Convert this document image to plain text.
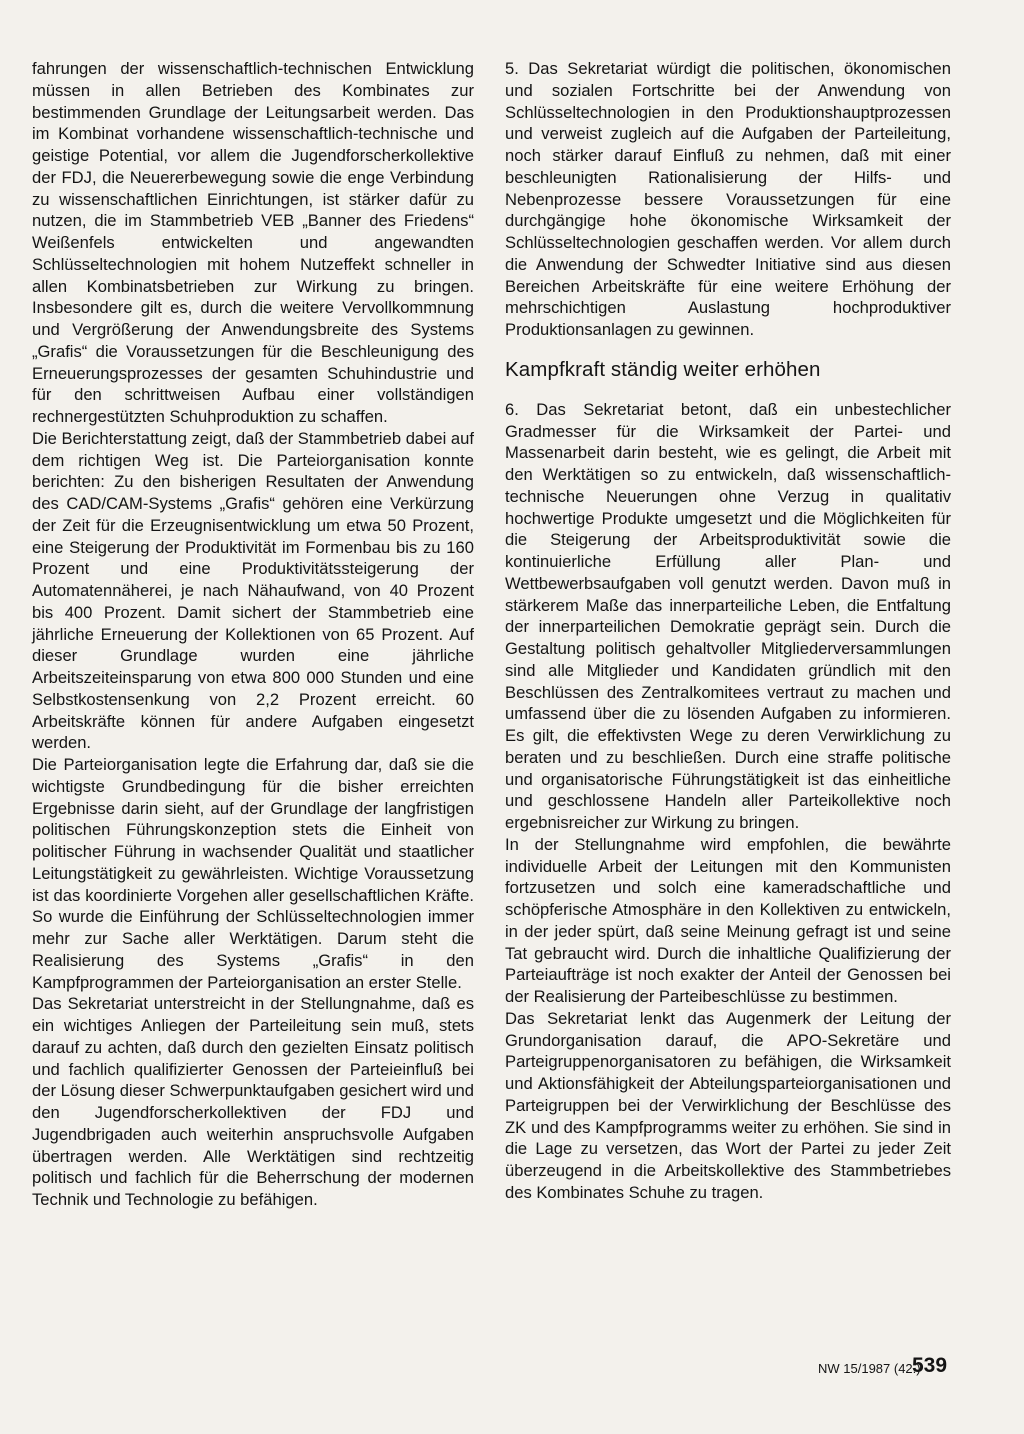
fahrungen der wissenschaftlich-technischen Entwicklung müssen in allen Betrieben des Kombinates zur bestimmenden Grundlage der Leitungsarbeit werden. Das im Kombinat vorhandene wissenschaftlich-technische und geistige Potential, vor allem die Jugendforscherkollektive der FDJ, die Neuererbewegung sowie die enge Verbindung zu wissenschaftlichen Einrichtungen, ist stärker dafür zu nutzen, die im Stammbetrieb VEB „Banner des Friedens“ Weißenfels entwickelten und angewandten Schlüsseltechnologien mit hohem Nutzeffekt schneller in allen Kombinatsbetrieben zur Wirkung zu bringen. Insbesondere gilt es, durch die weitere Vervollkommnung und Vergrößerung der Anwendungsbreite des Systems „Grafis“ die Voraussetzungen für die Beschleunigung des Erneuerungsprozesses der gesamten Schuhindustrie und für den schrittweisen Aufbau einer vollständigen rechnergestützten Schuhproduktion zu schaffen.

Die Berichterstattung zeigt, daß der Stammbetrieb dabei auf dem richtigen Weg ist. Die Parteiorganisation konnte berichten: Zu den bisherigen Resultaten der Anwendung des CAD/CAM-Systems „Grafis“ gehören eine Verkürzung der Zeit für die Erzeugnisentwicklung um etwa 50 Prozent, eine Steigerung der Produktivität im Formenbau bis zu 160 Prozent und eine Produktivitätssteigerung der Automatennäherei, je nach Nähaufwand, von 40 Prozent bis 400 Prozent. Damit sichert der Stammbetrieb eine jährliche Erneuerung der Kollektionen von 65 Prozent. Auf dieser Grundlage wurden eine jährliche Arbeitszeiteinsparung von etwa 800 000 Stunden und eine Selbstkostensenkung von 2,2 Prozent erreicht. 60 Arbeitskräfte können für andere Aufgaben eingesetzt werden.

Die Parteiorganisation legte die Erfahrung dar, daß sie die wichtigste Grundbedingung für die bisher erreichten Ergebnisse darin sieht, auf der Grundlage der langfristigen politischen Führungskonzeption stets die Einheit von politischer Führung in wachsender Qualität und staatlicher Leitungstätigkeit zu gewährleisten. Wichtige Voraussetzung ist das koordinierte Vorgehen aller gesellschaftlichen Kräfte. So wurde die Einführung der Schlüsseltechnologien immer mehr zur Sache aller Werktätigen. Darum steht die Realisierung des Systems „Grafis“ in den Kampfprogrammen der Parteiorganisation an erster Stelle.

Das Sekretariat unterstreicht in der Stellungnahme, daß es ein wichtiges Anliegen der Parteileitung sein muß, stets darauf zu achten, daß durch den gezielten Einsatz politisch und fachlich qualifizierter Genossen der Parteieinfluß bei der Lösung dieser Schwerpunktaufgaben gesichert wird und den Jugendforscherkollektiven der FDJ und Jugendbrigaden auch weiterhin anspruchsvolle Aufgaben übertragen werden. Alle Werktätigen sind rechtzeitig politisch und fachlich für die Beherrschung der modernen Technik und Technologie zu befähigen.

5. Das Sekretariat würdigt die politischen, ökonomischen und sozialen Fortschritte bei der Anwendung von Schlüsseltechnologien in den Produktionshauptprozessen und verweist zugleich auf die Aufgaben der Parteileitung, noch stärker darauf Einfluß zu nehmen, daß mit einer beschleunigten Rationalisierung der Hilfs- und Nebenprozesse bessere Voraussetzungen für eine durchgängige hohe ökonomische Wirksamkeit der Schlüsseltechnologien geschaffen werden. Vor allem durch die Anwendung der Schwedter Initiative sind aus diesen Bereichen Arbeitskräfte für eine weitere Erhöhung der mehrschichtigen Auslastung hochproduktiver Produktionsanlagen zu gewinnen.

Kampfkraft ständig weiter erhöhen

6. Das Sekretariat betont, daß ein unbestechlicher Gradmesser für die Wirksamkeit der Partei- und Massenarbeit darin besteht, wie es gelingt, die Arbeit mit den Werktätigen so zu entwickeln, daß wissenschaftlich-technische Neuerungen ohne Verzug in qualitativ hochwertige Produkte umgesetzt und die Möglichkeiten für die Steigerung der Arbeitsproduktivität sowie die kontinuierliche Erfüllung aller Plan- und Wettbewerbsaufgaben voll genutzt werden. Davon muß in stärkerem Maße das innerparteiliche Leben, die Entfaltung der innerparteilichen Demokratie geprägt sein. Durch die Gestaltung politisch gehaltvoller Mitgliederversammlungen sind alle Mitglieder und Kandidaten gründlich mit den Beschlüssen des Zentralkomitees vertraut zu machen und umfassend über die zu lösenden Aufgaben zu informieren. Es gilt, die effektivsten Wege zu deren Verwirklichung zu beraten und zu beschließen. Durch eine straffe politische und organisatorische Führungstätigkeit ist das einheitliche und geschlossene Handeln aller Parteikollektive noch ergebnisreicher zur Wirkung zu bringen.

In der Stellungnahme wird empfohlen, die bewährte individuelle Arbeit der Leitungen mit den Kommunisten fortzusetzen und solch eine kameradschaftliche und schöpferische Atmosphäre in den Kollektiven zu entwickeln, in der jeder spürt, daß seine Meinung gefragt ist und seine Tat gebraucht wird. Durch die inhaltliche Qualifizierung der Parteiaufträge ist noch exakter der Anteil der Genossen bei der Realisierung der Parteibeschlüsse zu bestimmen.

Das Sekretariat lenkt das Augenmerk der Leitung der Grundorganisation darauf, die APO-Sekretäre und Parteigruppenorganisatoren zu befähigen, die Wirksamkeit und Aktionsfähigkeit der Abteilungsparteiorganisationen und Parteigruppen bei der Verwirklichung der Beschlüsse des ZK und des Kampfprogramms weiter zu erhöhen. Sie sind in die Lage zu versetzen, das Wort der Partei zu jeder Zeit überzeugend in die Arbeitskollektive des Stammbetriebes des Kombinates Schuhe zu tragen.

NW 15/1987 (42.)
539
